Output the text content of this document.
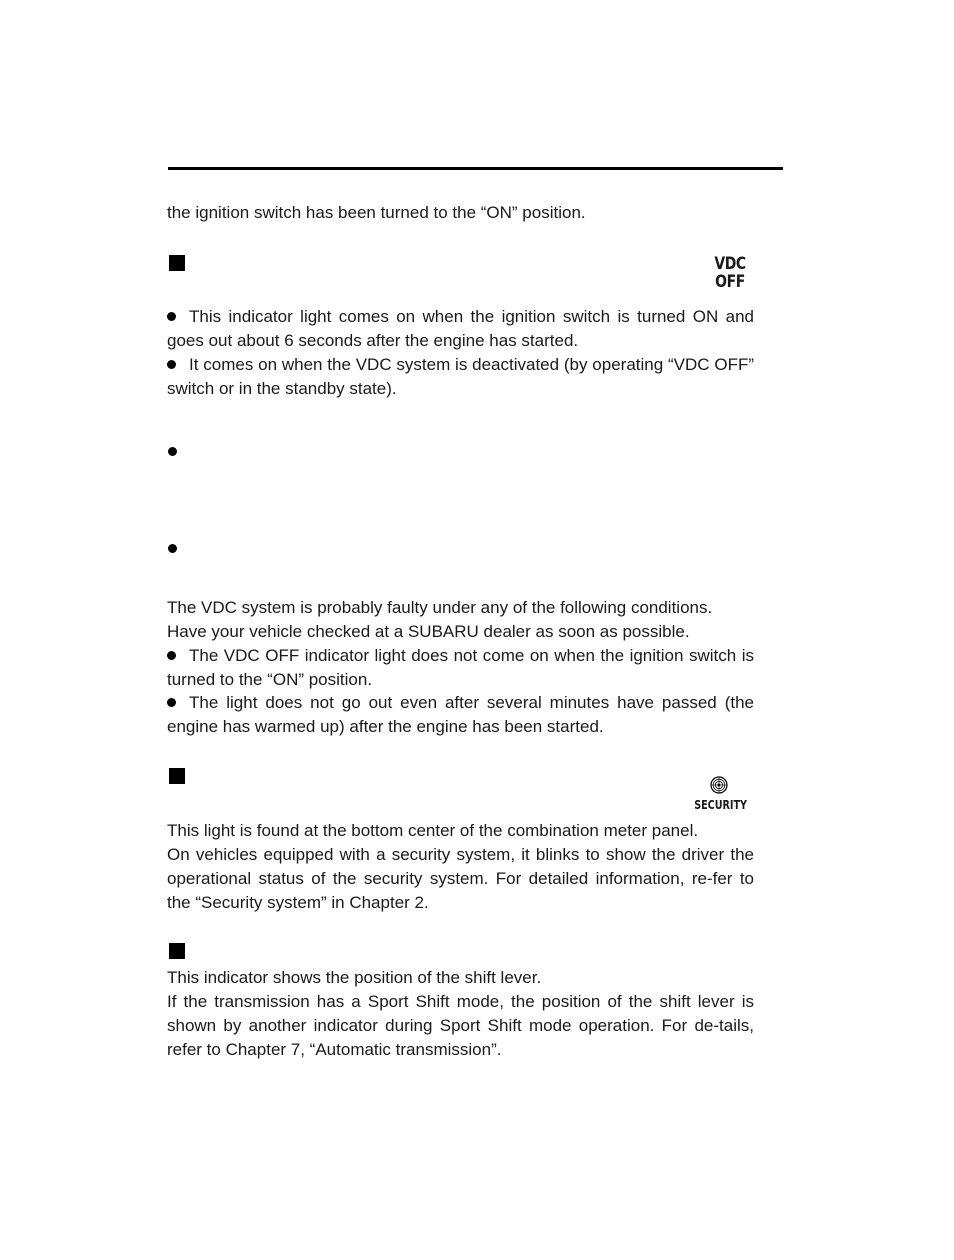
the ignition switch has been turned to the “ON” position.

VDC
OFF

This indicator light comes on when the ignition switch is turned ON and goes out about 6 seconds after the engine has started.

It comes on when the VDC system is deactivated (by operating “VDC OFF” switch or in the standby state).

The VDC system is probably faulty under any of the following conditions.

Have your vehicle checked at a SUBARU dealer as soon as possible.

The VDC OFF indicator light does not come on when the ignition switch is turned to the “ON” position.

The light does not go out even after several minutes have passed (the engine has warmed up) after the engine has been started.

SECURITY

This light is found at the bottom center of the combination meter panel.

On vehicles equipped with a security system, it blinks to show the driver the operational status of the security system. For detailed information, re-fer to the “Security system” in Chapter 2.

This indicator shows the position of the shift lever.

If the transmission has a Sport Shift mode, the position of the shift lever is shown by another indicator during Sport Shift mode operation. For de-tails, refer to Chapter 7, “Automatic transmission”.
